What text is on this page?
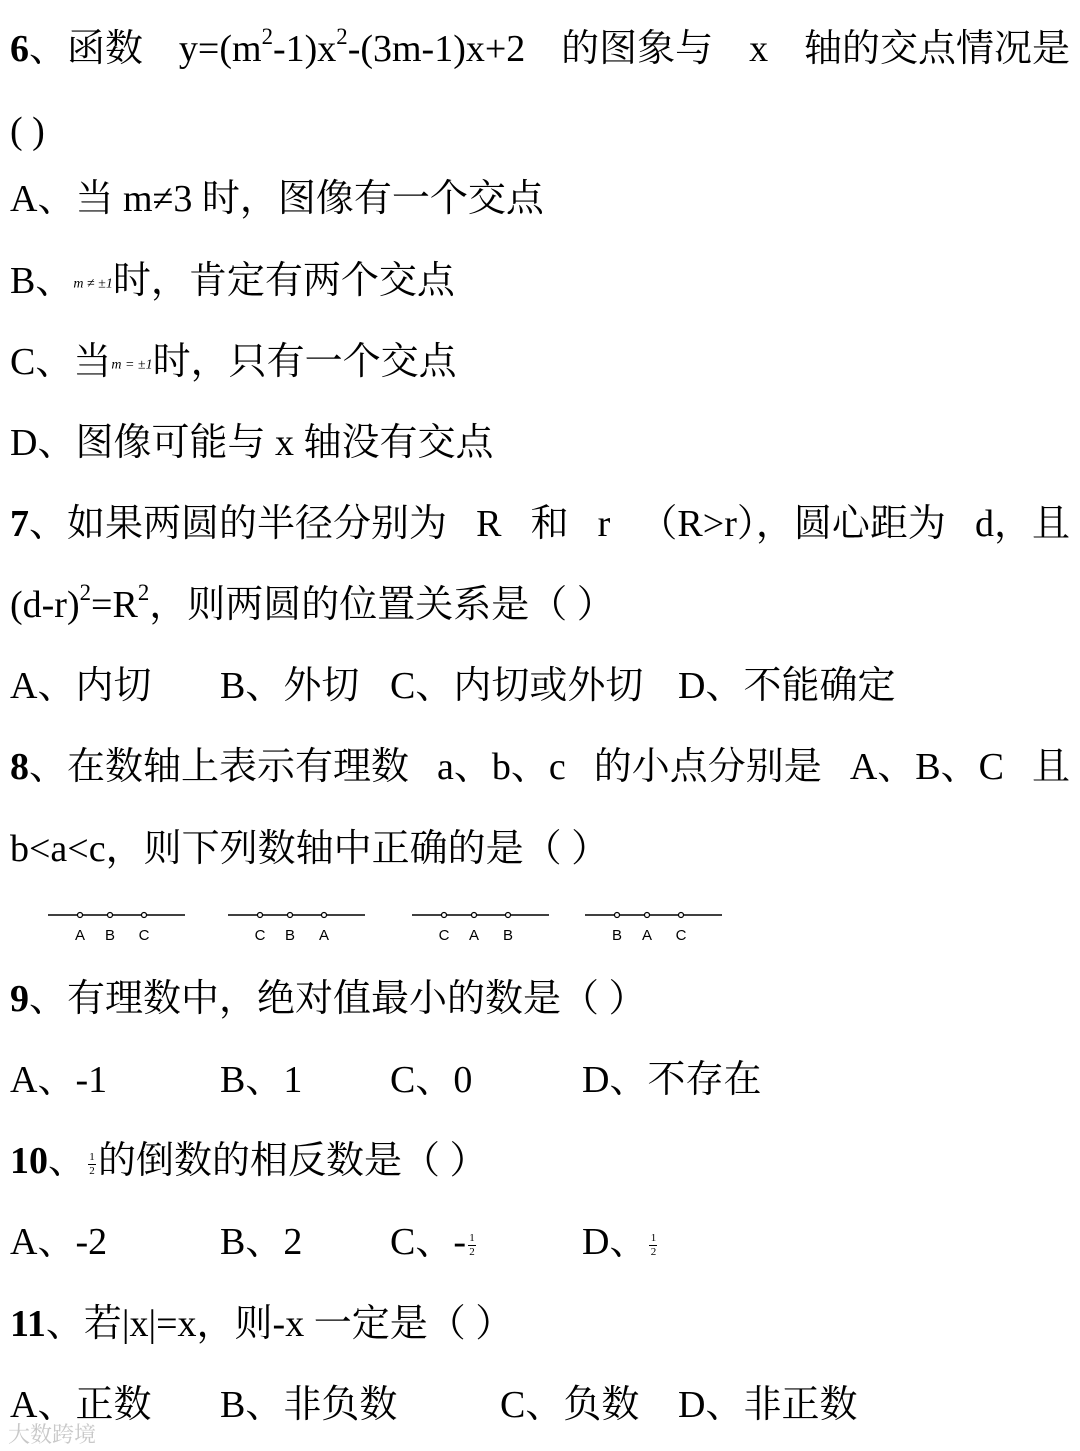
6、函数 $y=(m^2-1)x^2-(3m-1)x+2$ 的图象与 x 轴的交点情况是
( )
A、当 m≠3 时，图像有一个交点
B、m ≠ ±1时，肯定有两个交点
C、当m = ±1时，只有一个交点
D、图像可能与 x 轴没有交点
7、如果两圆的半径分别为 R 和 r （R>r），圆心距为 d，且
$(d-r)^2=R^2$，则两圆的位置关系是（ ）
A、内切 B、外切 C、内切或外切 D、不能确定
8、在数轴上表示有理数 a、b、c 的小点分别是 A、B、C 且
b<a<c，则下列数轴中正确的是（ ）
A B C	C B A	C A B	B A C
9、有理数中，绝对值最小的数是（ ）
A、-1	B、1 C、0	D、不存在
10、 $\frac{1}{2}$ 的倒数的相反数是（ ）
A、-2	B、2 C、- $\frac{1}{2}$	D、 $\frac{1}{2}$
11、若|x|=x，则-x 一定是（ ）
A、正数 B、非负数	C、负数 D、非正数
大数跨境
